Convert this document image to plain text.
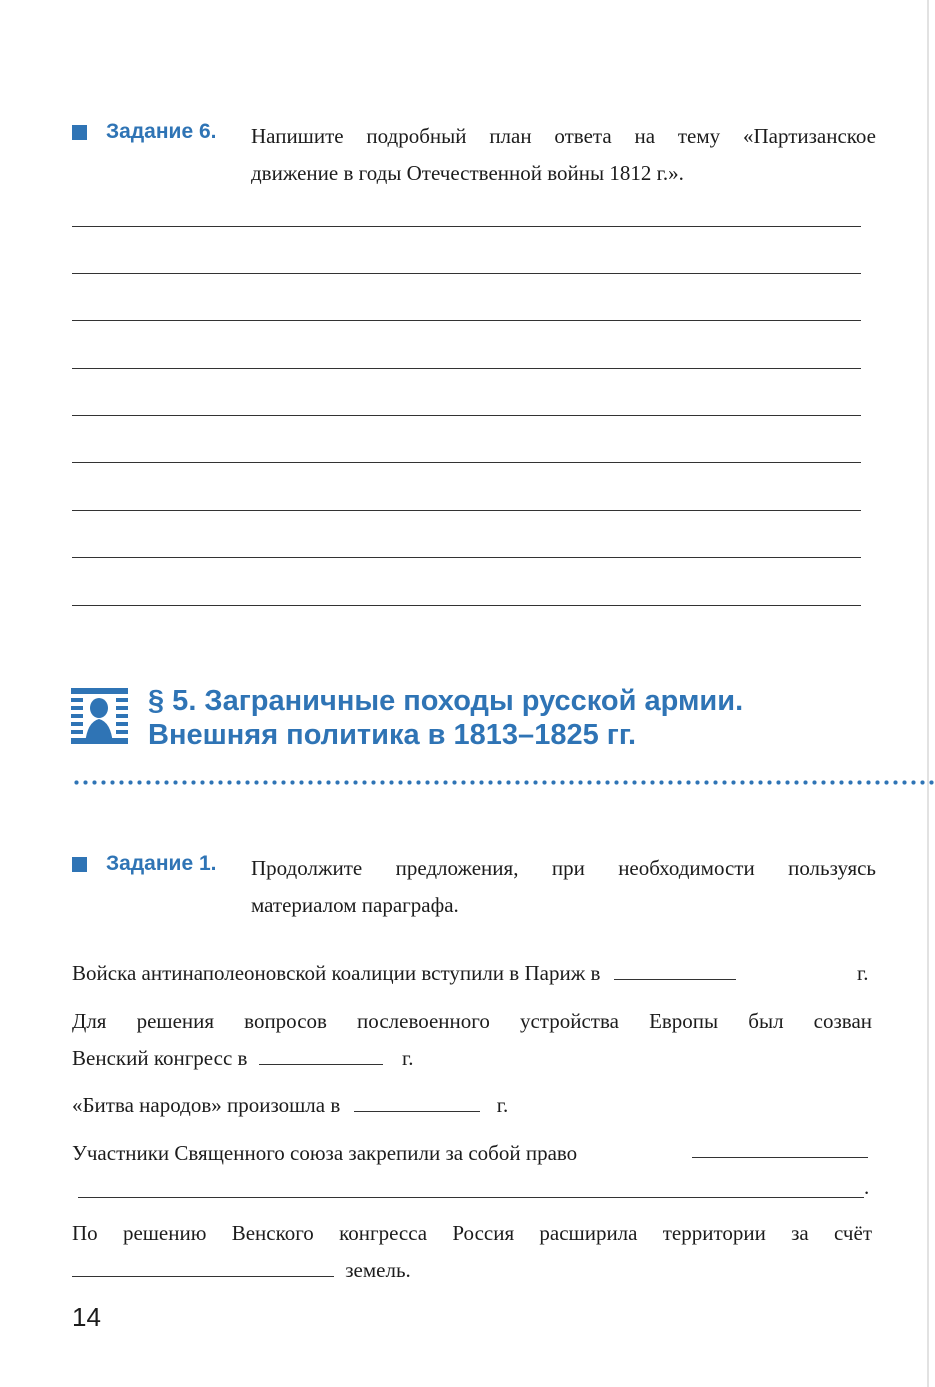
Задание 6. Напишите подробный план ответа на тему «Партизанское
движение в годы Отечественной войны 1812 г.».
§ 5. Заграничные походы русской армии.
Внешняя политика в 1813–1825 гг.
Задание 1. Продолжите предложения, при необходимости пользуясь
материалом параграфа.
Войска антинаполеоновской коалиции вступили в Париж в	г.
Для решения вопросов послевоенного устройства Европы был созван
Венский конгресс в	г.
«Битва народов» произошла в	г.
Участники Священного союза закрепили за собой право
.
По решению Венского конгресса Россия расширила территории за счёт
земель.
14
